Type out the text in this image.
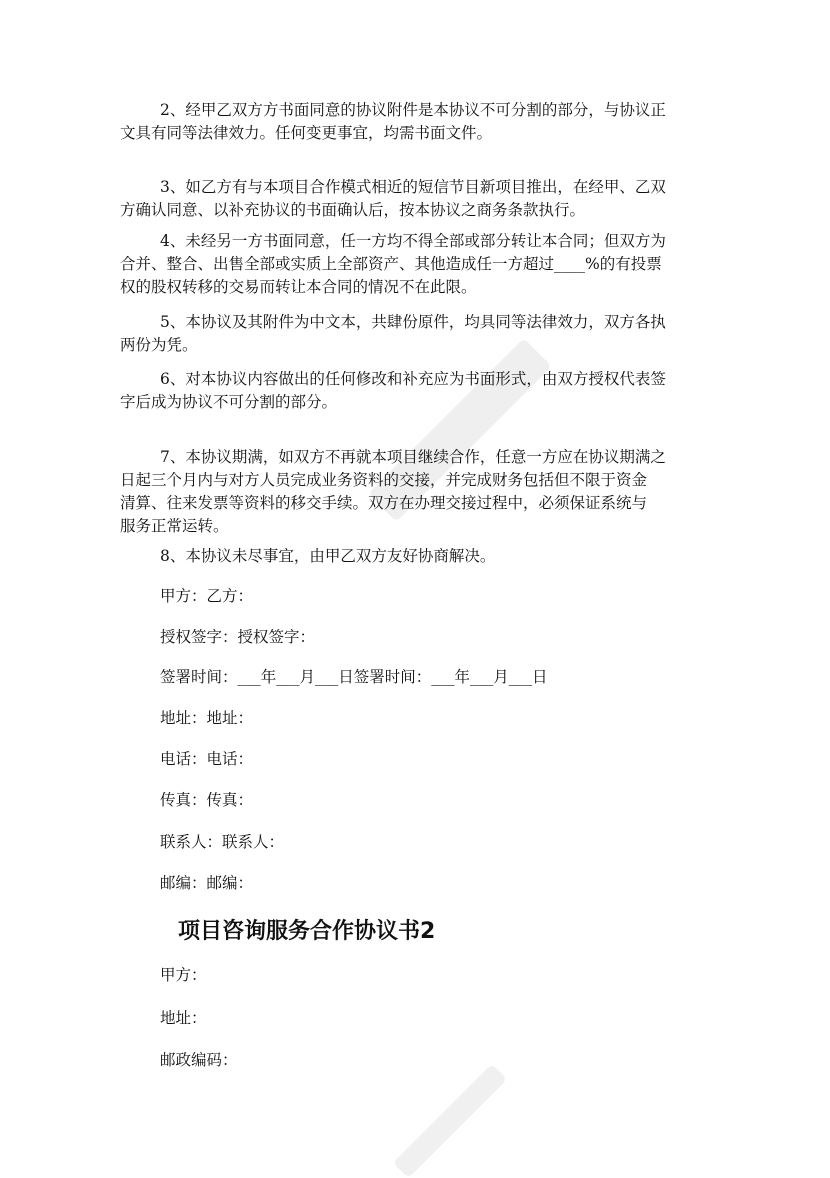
2、经甲乙双方方书面同意的协议附件是本协议不可分割的部分，与协议正
文具有同等法律效力。任何变更事宜，均需书面文件。
3、如乙方有与本项目合作模式相近的短信节目新项目推出，在经甲、乙双
方确认同意、以补充协议的书面确认后，按本协议之商务条款执行。
4、未经另一方书面同意，任一方均不得全部或部分转让本合同；但双方为
合并、整合、出售全部或实质上全部资产、其他造成任一方超过____%的有投票
权的股权转移的交易而转让本合同的情况不在此限。
5、本协议及其附件为中文本，共肆份原件，均具同等法律效力，双方各执
两份为凭。
6、对本协议内容做出的任何修改和补充应为书面形式，由双方授权代表签
字后成为协议不可分割的部分。
7、本协议期满，如双方不再就本项目继续合作，任意一方应在协议期满之
日起三个月内与对方人员完成业务资料的交接，并完成财务包括但不限于资金
清算、往来发票等资料的移交手续。双方在办理交接过程中，必须保证系统与
服务正常运转。
8、本协议未尽事宜，由甲乙双方友好协商解决。
甲方：乙方：
授权签字：授权签字：
签署时间：___年___月___日签署时间：___年___月___日
地址：地址：
电话：电话：
传真：传真：
联系人：联系人：
邮编：邮编：
项目咨询服务合作协议书2
甲方：
地址：
邮政编码：
